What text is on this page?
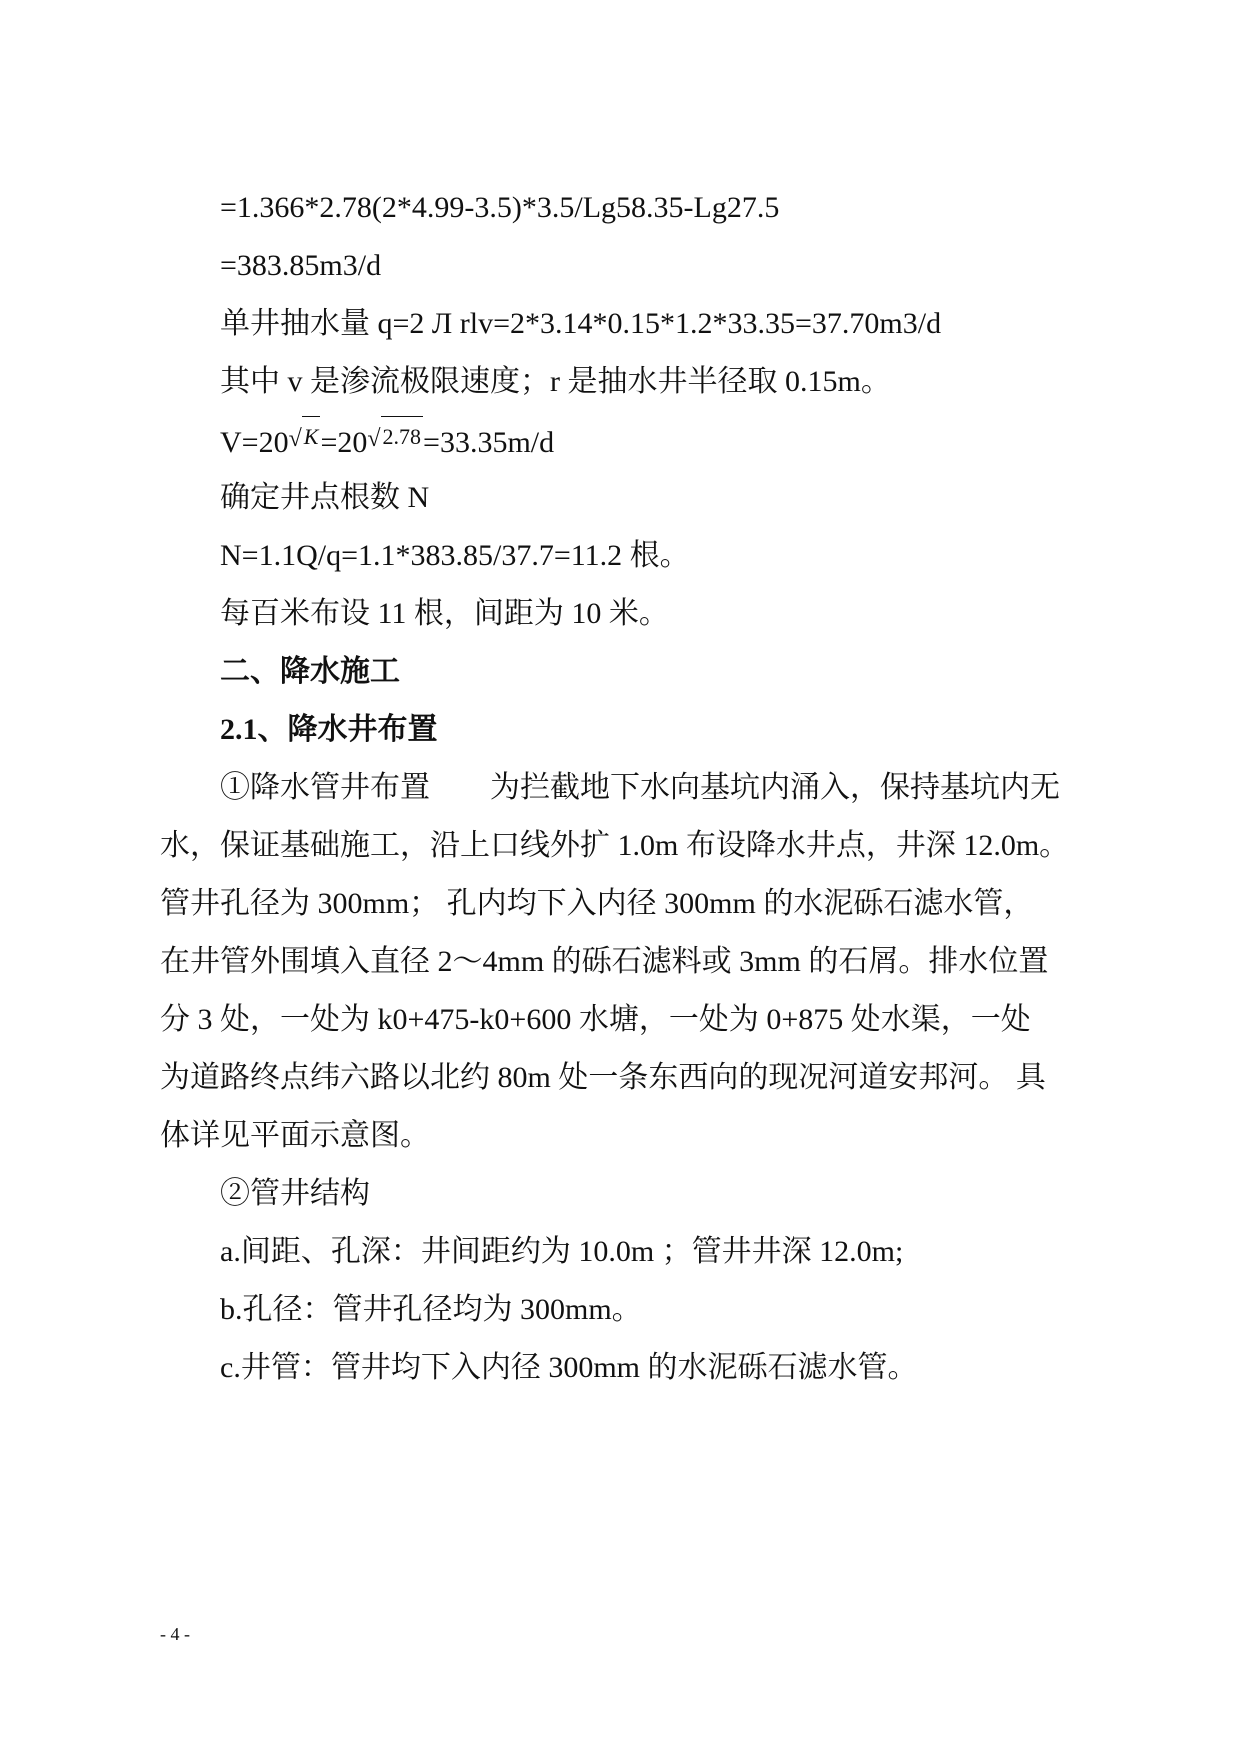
=1.366*2.78(2*4.99-3.5)*3.5/Lg58.35-Lg27.5
=383.85m3/d
单井抽水量 q=2 Л rlv=2*3.14*0.15*1.2*33.35=37.70m3/d
其中 v 是渗流极限速度；r 是抽水井半径取 0.15m。
V=20√K=20√2.78=33.35m/d
确定井点根数 N
N=1.1Q/q=1.1*383.85/37.7=11.2 根。
每百米布设 11 根，间距为 10 米。
二、降水施工
2.1、降水井布置
①降水管井布置 为拦截地下水向基坑内涌入，保持基坑内无
水，保证基础施工，沿上口线外扩 1.0m 布设降水井点，井深 12.0m。
管井孔径为 300mm； 孔内均下入内径 300mm 的水泥砾石滤水管，
在井管外围填入直径 2～4mm 的砾石滤料或 3mm 的石屑。排水位置
分 3 处，一处为 k0+475-k0+600 水塘，一处为 0+875 处水渠，一处
为道路终点纬六路以北约 80m 处一条东西向的现况河道安邦河。 具
体详见平面示意图。
②管井结构
a.间距、孔深：井间距约为 10.0m ；管井井深 12.0m;
b.孔径：管井孔径均为 300mm。
c.井管：管井均下入内径 300mm 的水泥砾石滤水管。
- 4 -
